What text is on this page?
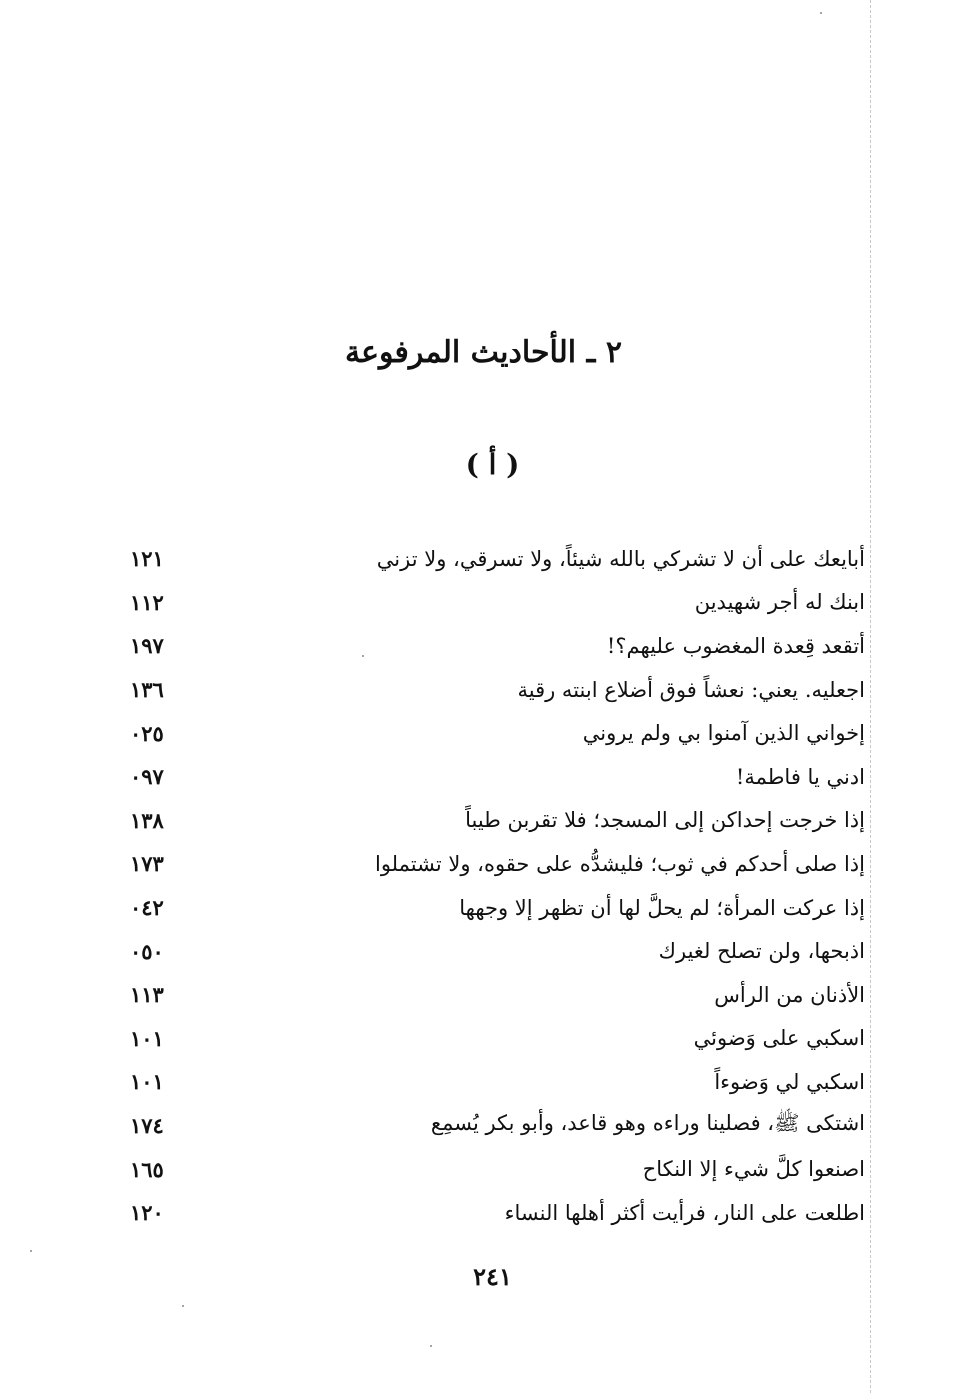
٢ ـ الأحاديث المرفوعة
( أ )
أبايعك على أن لا تشركي بالله شيئاً، ولا تسرقي، ولا تزني
١٢١
ابنك له أجر شهيدين
١١٢
أتقعد قِعدة المغضوب عليهم؟!
١٩٧
اجعليه. يعني: نعشاً فوق أضلاع ابنته رقية
١٣٦
إخواني الذين آمنوا بي ولم يروني
٠٢٥
ادني يا فاطمة!
٠٩٧
إذا خرجت إحداكن إلى المسجد؛ فلا تقربن طيباً
١٣٨
إذا صلى أحدكم في ثوب؛ فليشدُّه على حقوه، ولا تشتملوا
١٧٣
إذا عركت المرأة؛ لم يحلَّ لها أن تظهر إلا وجهها
٠٤٢
اذبحها، ولن تصلح لغيرك
٠٥٠
الأذنان من الرأس
١١٣
اسكبي على وَضوئي
١٠١
اسكبي لي وَضوءاً
١٠١
اشتكى ﷺ، فصلينا وراءه وهو قاعد، وأبو بكر يُسمِع
١٧٤
اصنعوا كلَّ شيء إلا النكاح
١٦٥
اطلعت على النار، فرأيت أكثر أهلها النساء
١٢٠
٢٤١
